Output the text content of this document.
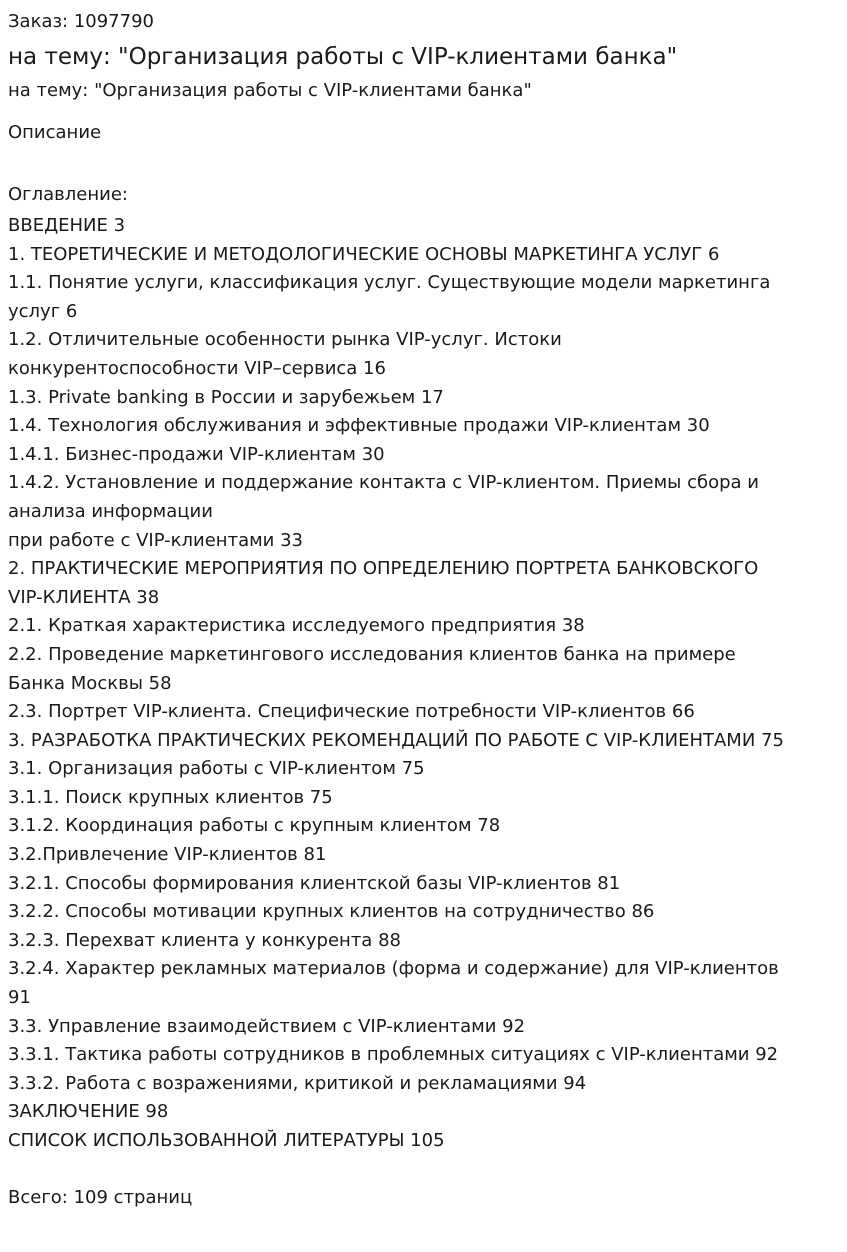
Заказ: 1097790

на тему: "Организация работы с VIP-клиентами банка"

на тему: "Организация работы с VIP-клиентами банка"

Описание

Оглавление:

ВВЕДЕНИЕ 3
1. ТЕОРЕТИЧЕСКИЕ И МЕТОДОЛОГИЧЕСКИЕ ОСНОВЫ МАРКЕТИНГА УСЛУГ 6
1.1. Понятие услуги, классификация услуг. Существующие модели маркетинга
услуг 6
1.2. Отличительные особенности рынка VIP-услуг. Истоки
конкурентоспособности VIP–сервиса 16
1.3. Private banking в России и зарубежьем 17
1.4. Технология обслуживания и эффективные продажи VIP-клиентам 30
1.4.1. Бизнес-продажи VIP-клиентам 30
1.4.2. Установление и поддержание контакта с VIP-клиентом. Приемы сбора и
анализа информации
при работе с VIP-клиентами 33
2. ПРАКТИЧЕСКИЕ МЕРОПРИЯТИЯ ПО ОПРЕДЕЛЕНИЮ ПОРТРЕТА БАНКОВСКОГО
VIP-КЛИЕНТА 38
2.1. Краткая характеристика исследуемого предприятия 38
2.2. Проведение маркетингового исследования клиентов банка на примере
Банка Москвы 58
2.3. Портрет VIP-клиента. Специфические потребности VIP-клиентов 66
3. РАЗРАБОТКА ПРАКТИЧЕСКИХ РЕКОМЕНДАЦИЙ ПО РАБОТЕ С VIP-КЛИЕНТАМИ 75
3.1. Организация работы с VIP-клиентом 75
3.1.1. Поиск крупных клиентов 75
3.1.2. Координация работы с крупным клиентом 78
3.2.Привлечение VIP-клиентов 81
3.2.1. Способы формирования клиентской базы VIP-клиентов 81
3.2.2. Способы мотивации крупных клиентов на сотрудничество 86
3.2.3. Перехват клиента у конкурента 88
3.2.4. Характер рекламных материалов (форма и содержание) для VIP-клиентов
91
3.3. Управление взаимодействием с VIP-клиентами 92
3.3.1. Тактика работы сотрудников в проблемных ситуациях с VIP-клиентами 92
3.3.2. Работа с возражениями, критикой и рекламациями 94
ЗАКЛЮЧЕНИЕ 98
СПИСОК ИСПОЛЬЗОВАННОЙ ЛИТЕРАТУРЫ 105

Всего: 109 страниц
